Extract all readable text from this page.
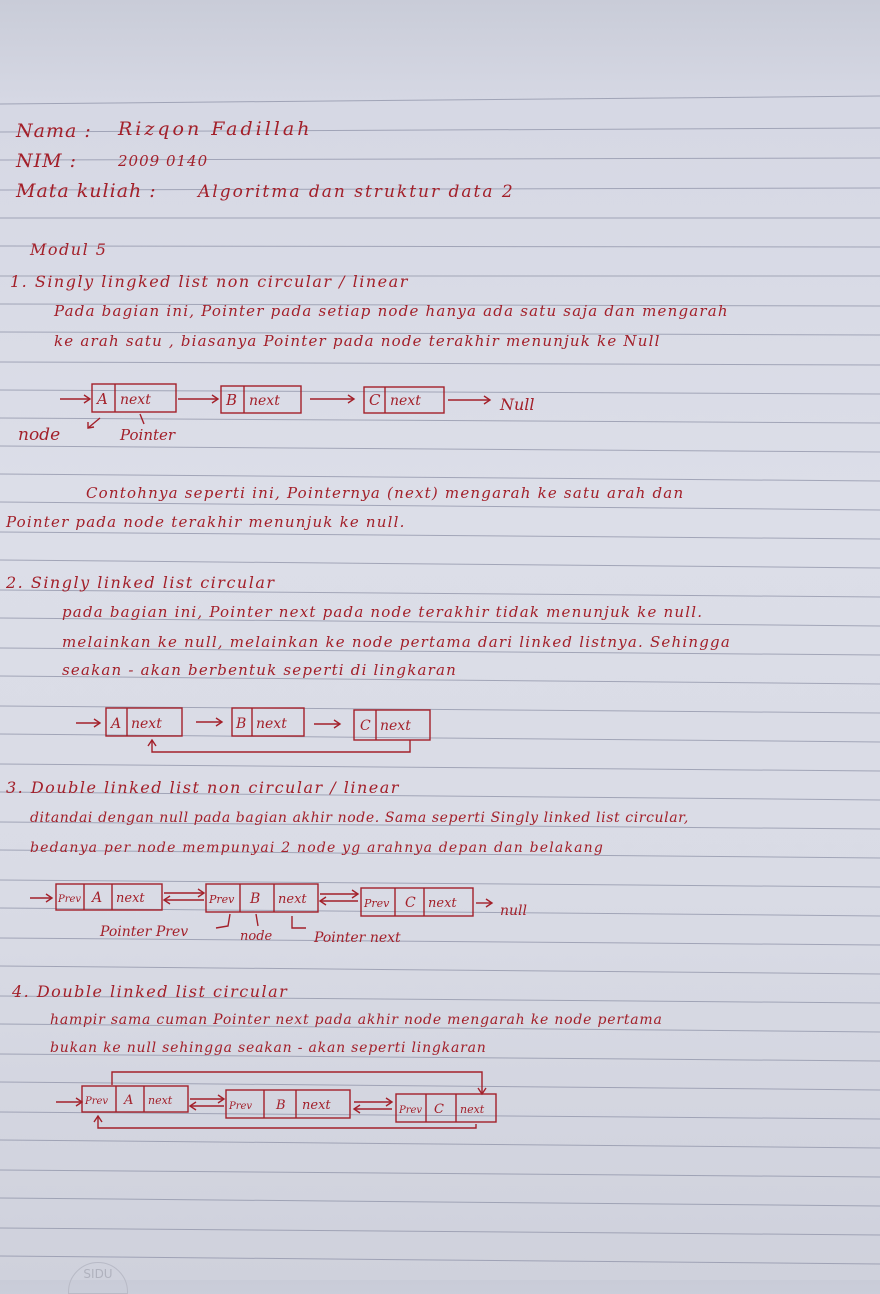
Nama : Rizqon Fadillah
NIM :	2009 0140
Mata kuliah : Algoritma dan struktur data 2
Modul 5
1. Singly lingked list non circular / linear
Pada bagian ini, Pointer pada setiap node hanya ada satu saja dan mengarah
ke arah satu , biasanya Pointer pada node terakhir menunjuk ke Null
Contohnya seperti ini, Pointernya (next) mengarah ke satu arah dan
Pointer pada node terakhir menunjuk ke null.
2. Singly linked list circular
pada bagian ini, Pointer next pada node terakhir tidak menunjuk ke null.
melainkan ke null, melainkan ke node pertama dari linked listnya. Sehingga
seakan - akan berbentuk seperti di lingkaran
3. Double linked list non circular / linear
ditandai dengan null pada bagian akhir node. Sama seperti Singly linked list circular,
bedanya per node mempunyai 2 node yg arahnya depan dan belakang
4. Double linked list circular
hampir sama cuman Pointer next pada akhir node mengarah ke node pertama
bukan ke null sehingga seakan - akan seperti lingkaran
A next	B next	C next	Null
node	Pointer
A next	B next	C next
Prev A next	Prev B next	Prev C next	null
Pointer Prev	node	Pointer next
Prev A next	Prev B next	Prev C next
SIDU
